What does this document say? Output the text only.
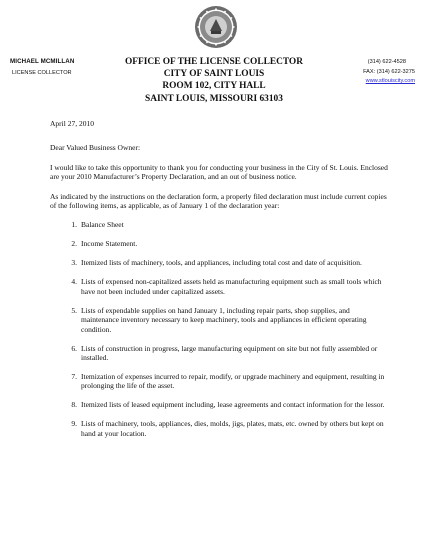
MICHAEL MCMILLAN
LICENSE COLLECTOR
OFFICE OF THE LICENSE COLLECTOR
CITY OF SAINT LOUIS
ROOM 102, CITY HALL
SAINT LOUIS, MISSOURI 63103
(314) 622-4528
FAX: (314) 622-3275
www.stlouiscity.com

April 27, 2010

Dear Valued Business Owner:

I would like to take this opportunity to thank you for conducting your business in the City of St. Louis. Enclosed are your 2010 Manufacturer’s Property Declaration, and an out of business notice.

As indicated by the instructions on the declaration form, a properly filed declaration must include current copies of the following items, as applicable, as of January 1 of the declaration year:

1. Balance Sheet
2. Income Statement.
3. Itemized lists of machinery, tools, and appliances, including total cost and date of acquisition.
4. Lists of expensed non-capitalized assets held as manufacturing equipment such as small tools which have not been included under capitalized assets.
5. Lists of expendable supplies on hand January 1, including repair parts, shop supplies, and maintenance inventory necessary to keep machinery, tools and appliances in efficient operating condition.
6. Lists of construction in progress, large manufacturing equipment on site but not fully assembled or installed.
7. Itemization of expenses incurred to repair, modify, or upgrade machinery and equipment, resulting in prolonging the life of the asset.
8. Itemized lists of leased equipment including, lease agreements and contact information for the lessor.
9. Lists of machinery, tools, appliances, dies, molds, jigs, plates, mats, etc. owned by others but kept on hand at your location.
